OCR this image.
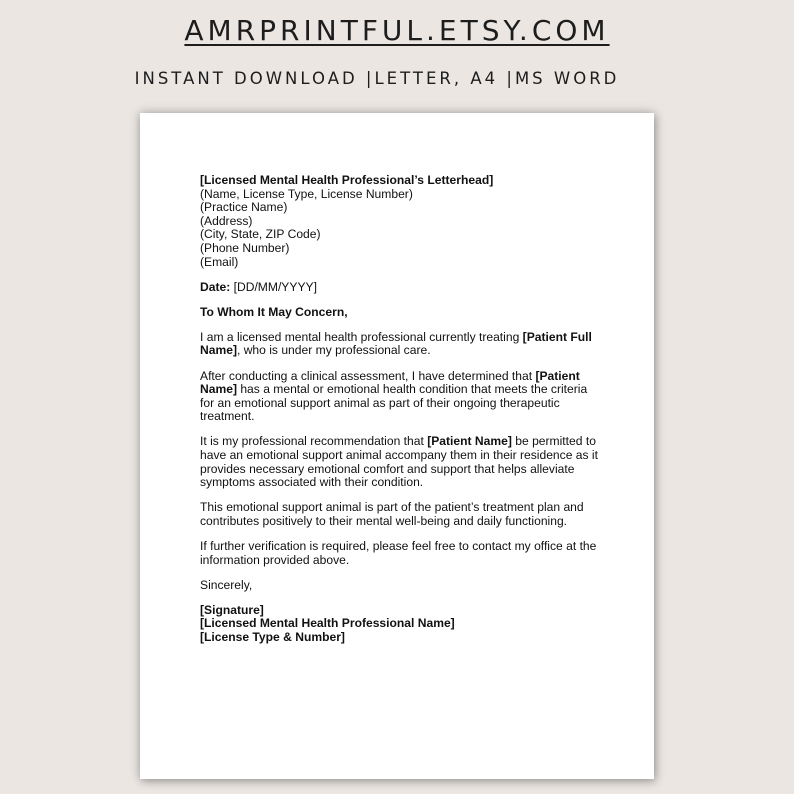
AMRPRINTFUL.ETSY.COM
INSTANT DOWNLOAD |LETTER, A4 |MS WORD

[Licensed Mental Health Professional’s Letterhead]

(Name, License Type, License Number)

(Practice Name)

(Address)

(City, State, ZIP Code)

(Phone Number)

(Email)

Date: [DD/MM/YYYY]

To Whom It May Concern,

I am a licensed mental health professional currently treating [Patient Full Name], who is under my professional care.

After conducting a clinical assessment, I have determined that [Patient Name] has a mental or emotional health condition that meets the criteria for an emotional support animal as part of their ongoing therapeutic treatment.

It is my professional recommendation that [Patient Name] be permitted to have an emotional support animal accompany them in their residence as it provides necessary emotional comfort and support that helps alleviate symptoms associated with their condition.

This emotional support animal is part of the patient’s treatment plan and contributes positively to their mental well-being and daily functioning.

If further verification is required, please feel free to contact my office at the information provided above.

Sincerely,

[Signature]

[Licensed Mental Health Professional Name]

[License Type & Number]
